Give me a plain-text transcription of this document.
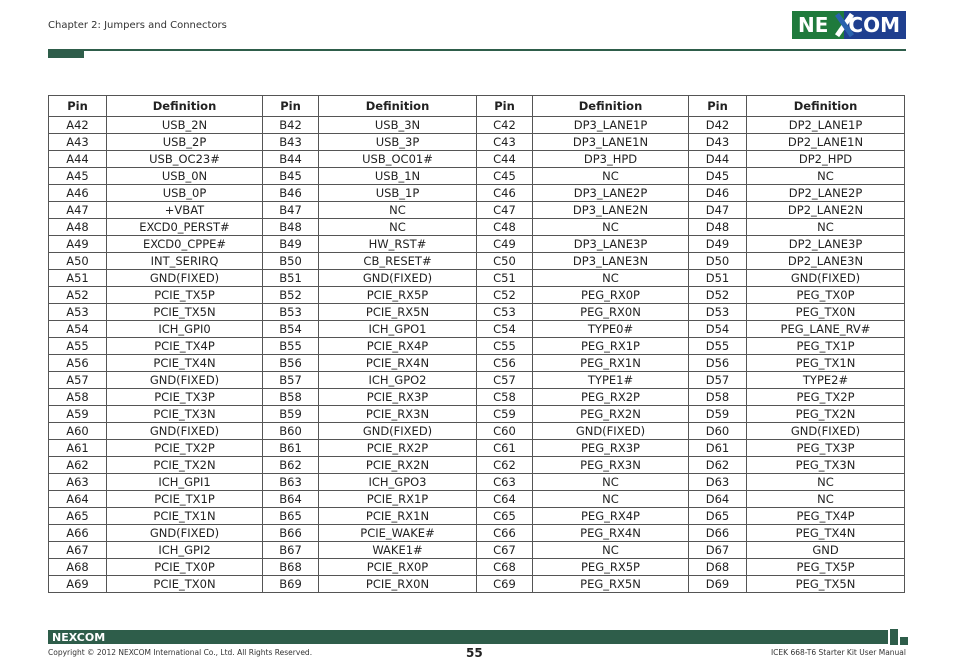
Chapter 2: Jumpers and Connectors	NE COM
Pin	Definition	Pin	Definition	Pin	Definition	Pin	Definition
A42	USB_2N	B42	USB_3N	C42	DP3_LANE1P	D42	DP2_LANE1P
A43	USB_2P	B43	USB_3P	C43	DP3_LANE1N	D43	DP2_LANE1N
A44	USB_OC23#	B44	USB_OC01#	C44	DP3_HPD	D44	DP2_HPD
A45	USB_0N	B45	USB_1N	C45	NC	D45	NC
A46	USB_0P	B46	USB_1P	C46	DP3_LANE2P	D46	DP2_LANE2P
A47	+VBAT	B47	NC	C47	DP3_LANE2N	D47	DP2_LANE2N
A48	EXCD0_PERST#	B48	NC	C48	NC	D48	NC
A49	EXCD0_CPPE#	B49	HW_RST#	C49	DP3_LANE3P	D49	DP2_LANE3P
A50	INT_SERIRQ	B50	CB_RESET#	C50	DP3_LANE3N	D50	DP2_LANE3N
A51	GND(FIXED)	B51	GND(FIXED)	C51	NC	D51	GND(FIXED)
A52	PCIE_TX5P	B52	PCIE_RX5P	C52	PEG_RX0P	D52	PEG_TX0P
A53	PCIE_TX5N	B53	PCIE_RX5N	C53	PEG_RX0N	D53	PEG_TX0N
A54	ICH_GPI0	B54	ICH_GPO1	C54	TYPE0#	D54	PEG_LANE_RV#
A55	PCIE_TX4P	B55	PCIE_RX4P	C55	PEG_RX1P	D55	PEG_TX1P
A56	PCIE_TX4N	B56	PCIE_RX4N	C56	PEG_RX1N	D56	PEG_TX1N
A57	GND(FIXED)	B57	ICH_GPO2	C57	TYPE1#	D57	TYPE2#
A58	PCIE_TX3P	B58	PCIE_RX3P	C58	PEG_RX2P	D58	PEG_TX2P
A59	PCIE_TX3N	B59	PCIE_RX3N	C59	PEG_RX2N	D59	PEG_TX2N
A60	GND(FIXED)	B60	GND(FIXED)	C60	GND(FIXED)	D60	GND(FIXED)
A61	PCIE_TX2P	B61	PCIE_RX2P	C61	PEG_RX3P	D61	PEG_TX3P
A62	PCIE_TX2N	B62	PCIE_RX2N	C62	PEG_RX3N	D62	PEG_TX3N
A63	ICH_GPI1	B63	ICH_GPO3	C63	NC	D63	NC
A64	PCIE_TX1P	B64	PCIE_RX1P	C64	NC	D64	NC
A65	PCIE_TX1N	B65	PCIE_RX1N	C65	PEG_RX4P	D65	PEG_TX4P
A66	GND(FIXED)	B66	PCIE_WAKE#	C66	PEG_RX4N	D66	PEG_TX4N
A67	ICH_GPI2	B67	WAKE1#	C67	NC	D67	GND
A68	PCIE_TX0P	B68	PCIE_RX0P	C68	PEG_RX5P	D68	PEG_TX5P
A69	PCIE_TX0N	B69	PCIE_RX0N	C69	PEG_RX5N	D69	PEG_TX5N
NEXCOM
Copyright © 2012 NEXCOM International Co., Ltd. All Rights Reserved.	55	ICEK 668-T6 Starter Kit User Manual
